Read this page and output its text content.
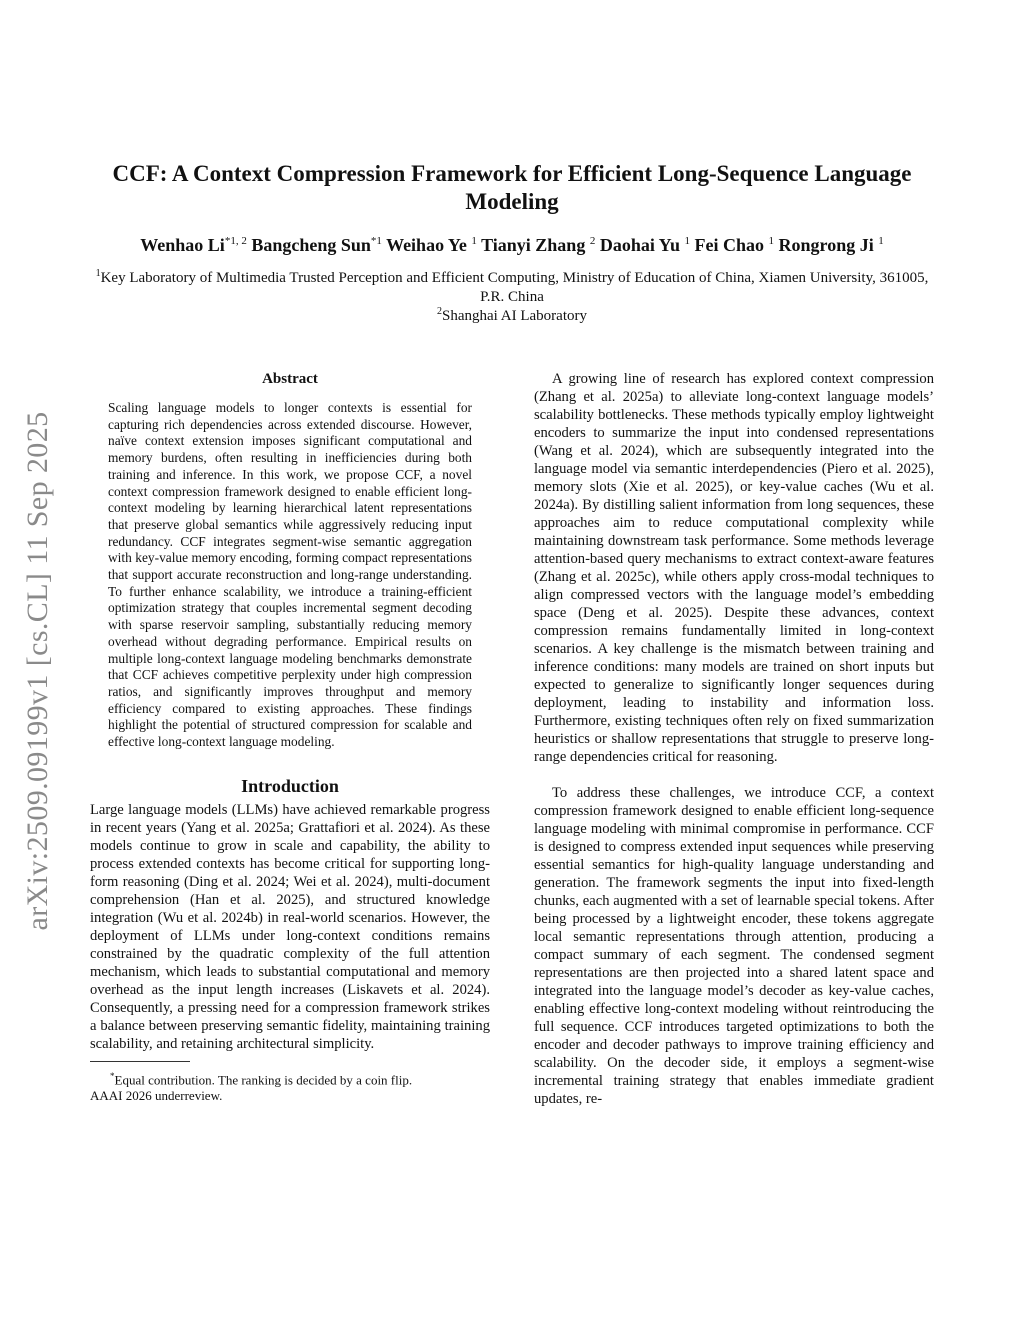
arXiv:2509.09199v1 [cs.CL] 11 Sep 2025
CCF: A Context Compression Framework for Efficient Long-Sequence Language Modeling
Wenhao Li$^{*1, 2}$ Bangcheng Sun$^{*1}$ Weihao Ye $^1$ Tianyi Zhang $^2$ Daohai Yu $^1$ Fei Chao $^1$ Rongrong Ji $^1$
$^1$Key Laboratory of Multimedia Trusted Perception and Efficient Computing, Ministry of Education of China, Xiamen University, 361005, P.R. China
$^2$Shanghai AI Laboratory
Abstract

Scaling language models to longer contexts is essential for capturing rich dependencies across extended discourse. However, naïve context extension imposes significant computational and memory burdens, often resulting in inefficiencies during both training and inference. In this work, we propose CCF, a novel context compression framework designed to enable efficient long-context modeling by learning hierarchical latent representations that preserve global semantics while aggressively reducing input redundancy. CCF integrates segment-wise semantic aggregation with key-value memory encoding, forming compact representations that support accurate reconstruction and long-range understanding. To further enhance scalability, we introduce a training-efficient optimization strategy that couples incremental segment decoding with sparse reservoir sampling, substantially reducing memory overhead without degrading performance. Empirical results on multiple long-context language modeling benchmarks demonstrate that CCF achieves competitive perplexity under high compression ratios, and significantly improves throughput and memory efficiency compared to existing approaches. These findings highlight the potential of structured compression for scalable and effective long-context language modeling.

Introduction

Large language models (LLMs) have achieved remarkable progress in recent years (Yang et al. 2025a; Grattafiori et al. 2024). As these models continue to grow in scale and capability, the ability to process extended contexts has become critical for supporting long-form reasoning (Ding et al. 2024; Wei et al. 2024), multi-document comprehension (Han et al. 2025), and structured knowledge integration (Wu et al. 2024b) in real-world scenarios. However, the deployment of LLMs under long-context conditions remains constrained by the quadratic complexity of the full attention mechanism, which leads to substantial computational and memory overhead as the input length increases (Liskavets et al. 2024). Consequently, a pressing need for a compression framework strikes a balance between preserving semantic fidelity, maintaining training scalability, and retaining architectural simplicity.

*Equal contribution. The ranking is decided by a coin flip.
AAAI 2026 underreview.

A growing line of research has explored context compression (Zhang et al. 2025a) to alleviate long-context language models’ scalability bottlenecks. These methods typically employ lightweight encoders to summarize the input into condensed representations (Wang et al. 2024), which are subsequently integrated into the language model via semantic interdependencies (Piero et al. 2025), memory slots (Xie et al. 2025), or key-value caches (Wu et al. 2024a). By distilling salient information from long sequences, these approaches aim to reduce computational complexity while maintaining downstream task performance. Some methods leverage attention-based query mechanisms to extract context-aware features (Zhang et al. 2025c), while others apply cross-modal techniques to align compressed vectors with the language model’s embedding space (Deng et al. 2025). Despite these advances, context compression remains fundamentally limited in long-context scenarios. A key challenge is the mismatch between training and inference conditions: many models are trained on short inputs but expected to generalize to significantly longer sequences during deployment, leading to instability and information loss. Furthermore, existing techniques often rely on fixed summarization heuristics or shallow representations that struggle to preserve long-range dependencies critical for reasoning.

To address these challenges, we introduce CCF, a context compression framework designed to enable efficient long-sequence language modeling with minimal compromise in performance. CCF is designed to compress extended input sequences while preserving essential semantics for high-quality language understanding and generation. The framework segments the input into fixed-length chunks, each augmented with a set of learnable special tokens. After being processed by a lightweight encoder, these tokens aggregate local semantic representations through attention, producing a compact summary of each segment. The condensed segment representations are then projected into a shared latent space and integrated into the language model’s decoder as key-value caches, enabling effective long-context modeling without reintroducing the full sequence. CCF introduces targeted optimizations to both the encoder and decoder pathways to improve training efficiency and scalability. On the decoder side, it employs a segment-wise incremental training strategy that enables immediate gradient updates, re-
